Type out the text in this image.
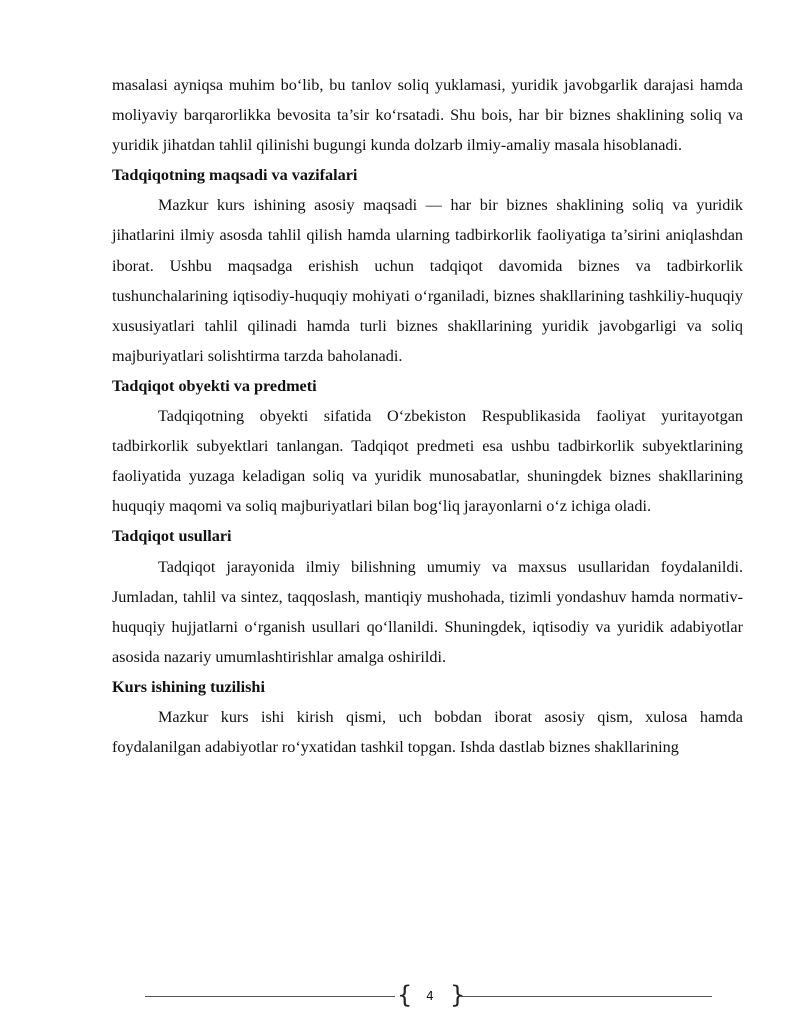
masalasi ayniqsa muhim bo‘lib, bu tanlov soliq yuklamasi, yuridik javobgarlik darajasi hamda moliyaviy barqarorlikka bevosita ta’sir ko‘rsatadi. Shu bois, har bir biznes shaklining soliq va yuridik jihatdan tahlil qilinishi bugungi kunda dolzarb ilmiy-amaliy masala hisoblanadi.

Tadqiqotning maqsadi va vazifalari

Mazkur kurs ishining asosiy maqsadi — har bir biznes shaklining soliq va yuridik jihatlarini ilmiy asosda tahlil qilish hamda ularning tadbirkorlik faoliyatiga ta’sirini aniqlashdan iborat. Ushbu maqsadga erishish uchun tadqiqot davomida biznes va tadbirkorlik tushunchalarining iqtisodiy-huquqiy mohiyati o‘rganiladi, biznes shakllarining tashkiliy-huquqiy xususiyatlari tahlil qilinadi hamda turli biznes shakllarining yuridik javobgarligi va soliq majburiyatlari solishtirma tarzda baholanadi.

Tadqiqot obyekti va predmeti

Tadqiqotning obyekti sifatida O‘zbekiston Respublikasida faoliyat yuritayotgan tadbirkorlik subyektlari tanlangan. Tadqiqot predmeti esa ushbu tadbirkorlik subyektlarining faoliyatida yuzaga keladigan soliq va yuridik munosabatlar, shuningdek biznes shakllarining huquqiy maqomi va soliq majburiyatlari bilan bog‘liq jarayonlarni o‘z ichiga oladi.

Tadqiqot usullari

Tadqiqot jarayonida ilmiy bilishning umumiy va maxsus usullaridan foydalanildi. Jumladan, tahlil va sintez, taqqoslash, mantiqiy mushohada, tizimli yondashuv hamda normativ-huquqiy hujjatlarni o‘rganish usullari qo‘llanildi. Shuningdek, iqtisodiy va yuridik adabiyotlar asosida nazariy umumlashtirishlar amalga oshirildi.

Kurs ishining tuzilishi

Mazkur kurs ishi kirish qismi, uch bobdan iborat asosiy qism, xulosa hamda foydalanilgan adabiyotlar ro‘yxatidan tashkil topgan. Ishda dastlab biznes shakllarining

{	4 }
